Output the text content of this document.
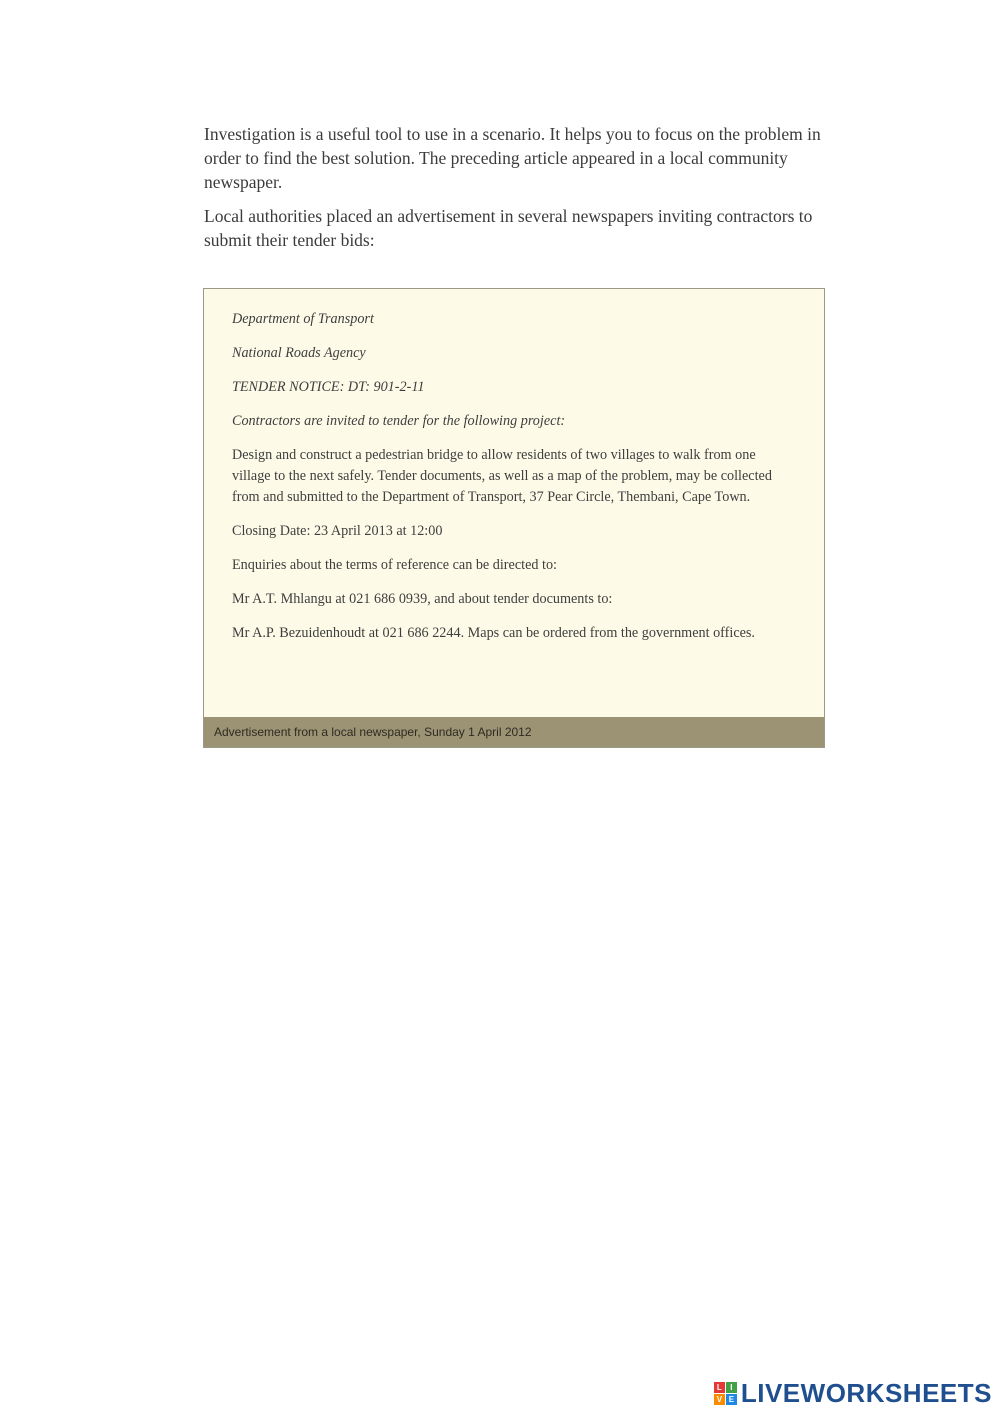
Investigation is a useful tool to use in a scenario. It helps you to focus on the problem in order to find the best solution. The preceding article appeared in a local community newspaper.

Local authorities placed an advertisement in several newspapers inviting contractors to submit their tender bids:

Department of Transport

National Roads Agency

TENDER NOTICE: DT: 901-2-11

Contractors are invited to tender for the following project:

Design and construct a pedestrian bridge to allow residents of two villages to walk from one village to the next safely. Tender documents, as well as a map of the problem, may be collected from and submitted to the Department of Transport, 37 Pear Circle, Thembani, Cape Town.

Closing Date: 23 April 2013 at 12:00

Enquiries about the terms of reference can be directed to:

Mr A.T. Mhlangu at 021 686 0939, and about tender documents to:

Mr A.P. Bezuidenhoudt at 021 686 2244. Maps can be ordered from the government offices.

Advertisement from a local newspaper, Sunday 1 April 2012
L	I
V E LIVEWORKSHEETS
